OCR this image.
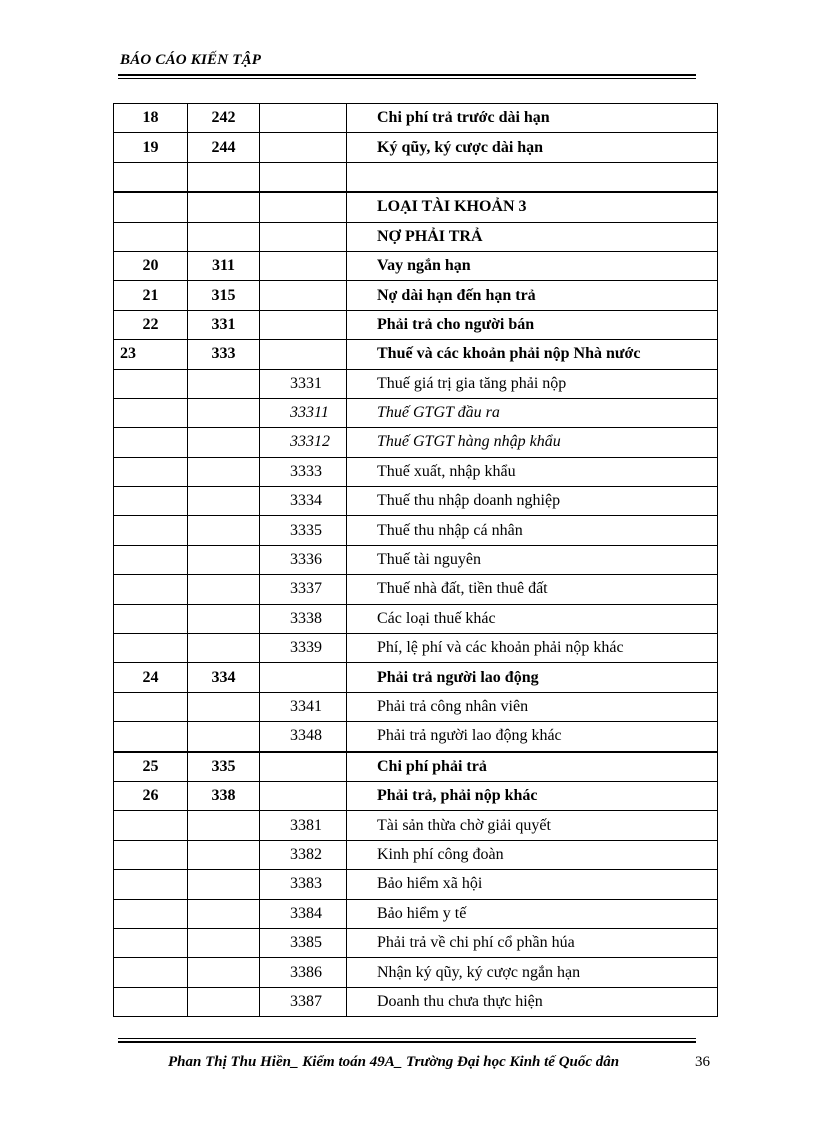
BÁO CÁO KIẾN TẬP
18	242		Chi phí trả trước dài hạn
19	244		Ký qũy, ký cược dài hạn

			LOẠI TÀI KHOẢN 3
			NỢ PHẢI TRẢ
20	311		Vay ngắn hạn
21	315		Nợ dài hạn đến hạn trả
22	331		Phải trả cho người bán
23	333		Thuế và các khoản phải nộp Nhà nước
		3331	Thuế giá trị gia tăng phải nộp
		33311	Thuế GTGT đầu ra
		33312	Thuế GTGT hàng nhập khẩu
		3333	Thuế xuất, nhập khẩu
		3334	Thuế thu nhập doanh nghiệp
		3335	Thuế thu nhập cá nhân
		3336	Thuế tài nguyên
		3337	Thuế nhà đất, tiền thuê đất
		3338	Các loại thuế khác
		3339	Phí, lệ phí và các khoản phải nộp khác
24	334		Phải trả người lao động
		3341	Phải trả công nhân viên
		3348	Phải trả người lao động khác
25	335		Chi phí phải trả
26	338		Phải trả, phải nộp khác
		3381	Tài sản thừa chờ giải quyết
		3382	Kinh phí công đoàn
		3383	Bảo hiểm xã hội
		3384	Bảo hiểm y tế
		3385	Phải trả về chi phí cổ phần húa
		3386	Nhận ký qũy, ký cược ngắn hạn
		3387	Doanh thu chưa thực hiện
Phan Thị Thu Hiền_ Kiểm toán 49A_ Trường Đại học Kinh tế Quốc dân	36
